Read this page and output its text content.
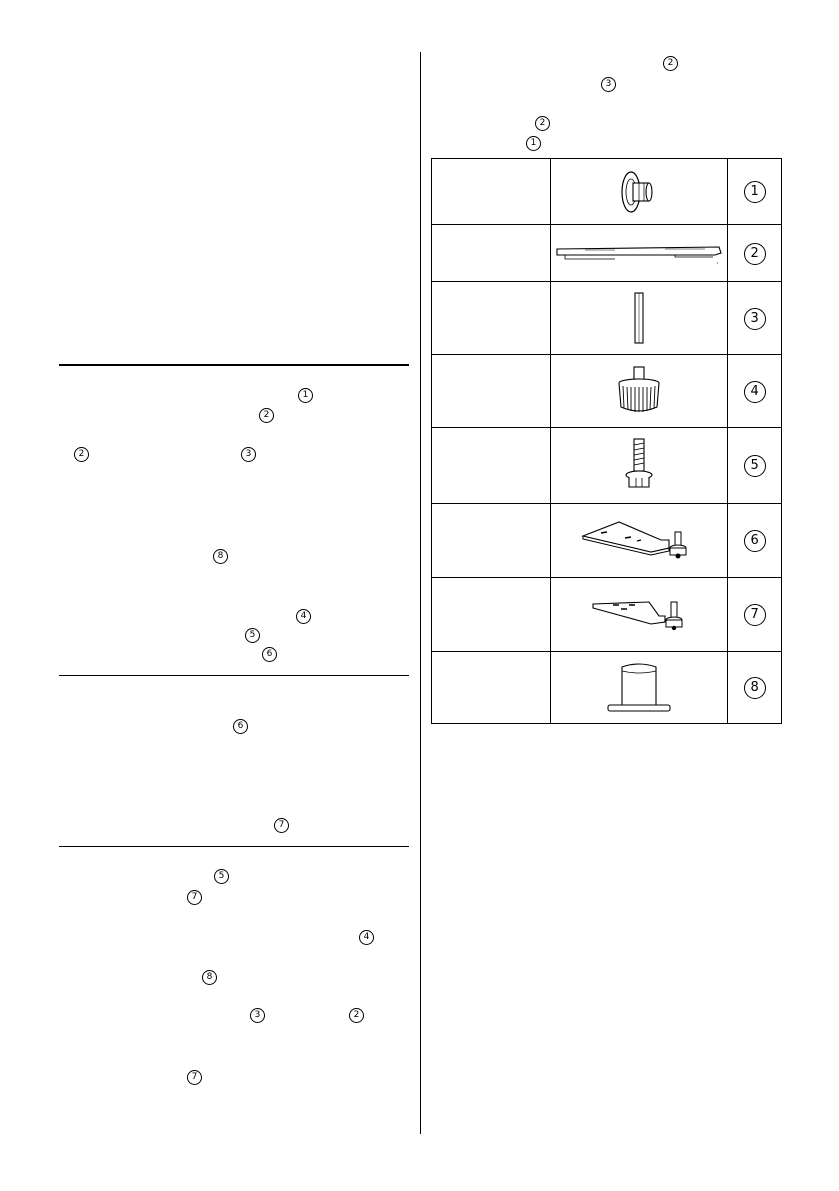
1
2
2	3
8
4
5
6
6
7
5
7
4
8
3	2
7
2
3
2
1

	1

	2

	3

	4

	5

	6

	7

	8
